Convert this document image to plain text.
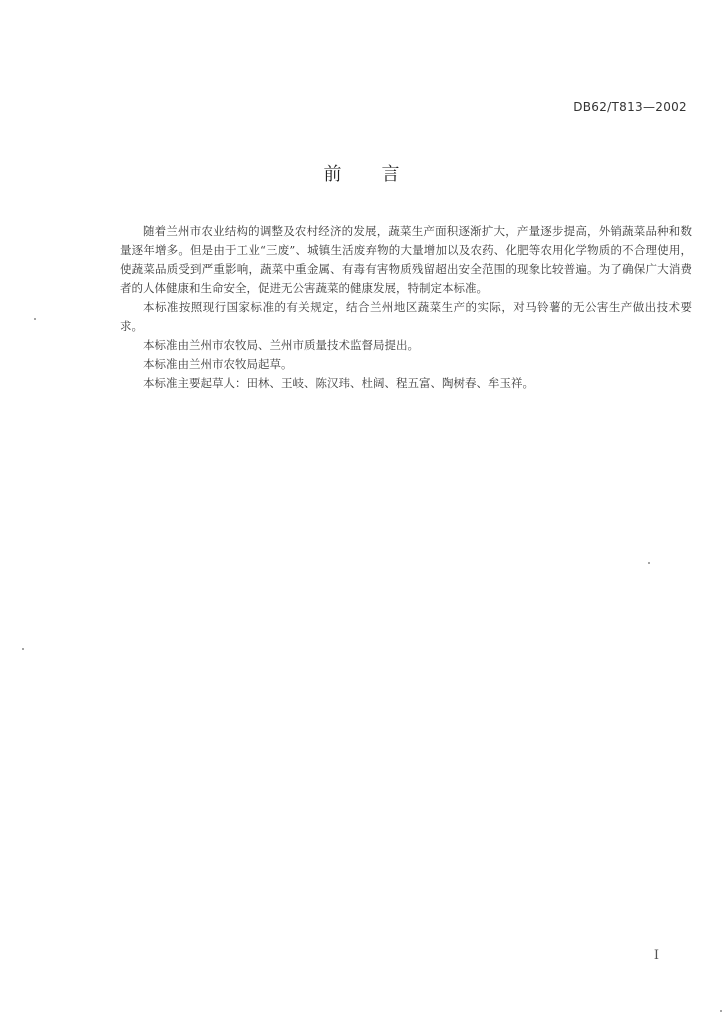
DB62/T813—2002
前 言

随着兰州市农业结构的调整及农村经济的发展，蔬菜生产面积逐渐扩大，产量逐步提高，外销蔬菜品种和数量逐年增多。但是由于工业“三废”、城镇生活废弃物的大量增加以及农药、化肥等农用化学物质的不合理使用，使蔬菜品质受到严重影响，蔬菜中重金属、有毒有害物质残留超出安全范围的现象比较普遍。为了确保广大消费者的人体健康和生命安全，促进无公害蔬菜的健康发展，特制定本标准。

本标准按照现行国家标准的有关规定，结合兰州地区蔬菜生产的实际，对马铃薯的无公害生产做出技术要求。

本标准由兰州市农牧局、兰州市质量技术监督局提出。

本标准由兰州市农牧局起草。

本标准主要起草人：田林、王岐、陈汉玮、杜阔、程五富、陶树春、牟玉祥。

I
